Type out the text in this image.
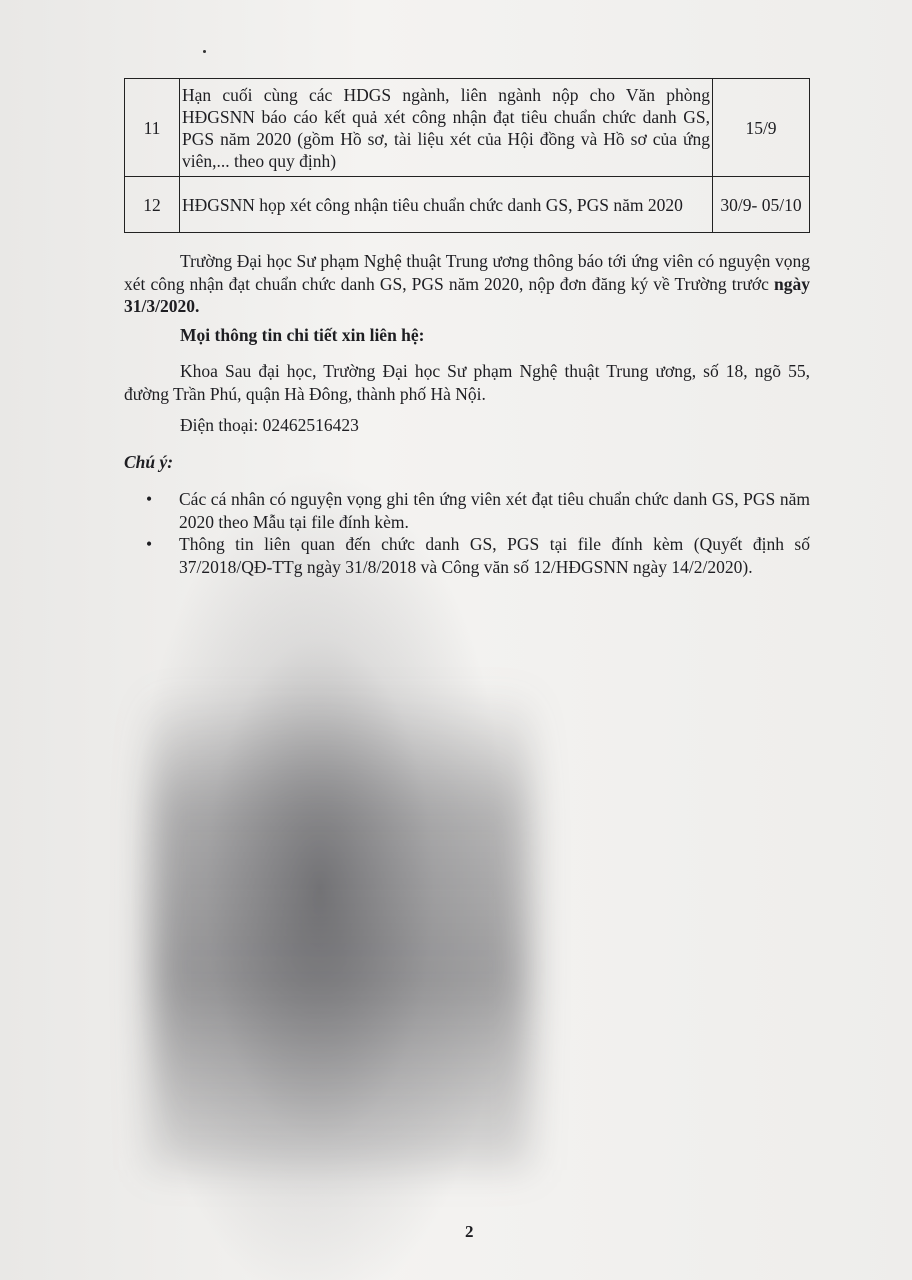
11	Hạn cuối cùng các HDGS ngành, liên ngành nộp cho Văn phòng HĐGSNN báo cáo kết quả xét công nhận đạt tiêu chuẩn chức danh GS, PGS năm 2020 (gồm Hồ sơ, tài liệu xét của Hội đồng và Hồ sơ của ứng viên,... theo quy định)	15/9
12	HĐGSNN họp xét công nhận tiêu chuẩn chức danh GS, PGS năm 2020	30/9- 05/10

Trường Đại học Sư phạm Nghệ thuật Trung ương thông báo tới ứng viên có nguyện vọng xét công nhận đạt chuẩn chức danh GS, PGS năm 2020, nộp đơn đăng ký về Trường trước ngày 31/3/2020.

Mọi thông tin chi tiết xin liên hệ:

Khoa Sau đại học, Trường Đại học Sư phạm Nghệ thuật Trung ương, số 18, ngõ 55, đường Trần Phú, quận Hà Đông, thành phố Hà Nội.

Điện thoại: 02462516423

Chú ý:
• Các cá nhân có nguyện vọng ghi tên ứng viên xét đạt tiêu chuẩn chức danh GS, PGS năm 2020 theo Mẫu tại file đính kèm.
• Thông tin liên quan đến chức danh GS, PGS tại file đính kèm (Quyết định số 37/2018/QĐ-TTg ngày 31/8/2018 và Công văn số 12/HĐGSNN ngày 14/2/2020).
2
